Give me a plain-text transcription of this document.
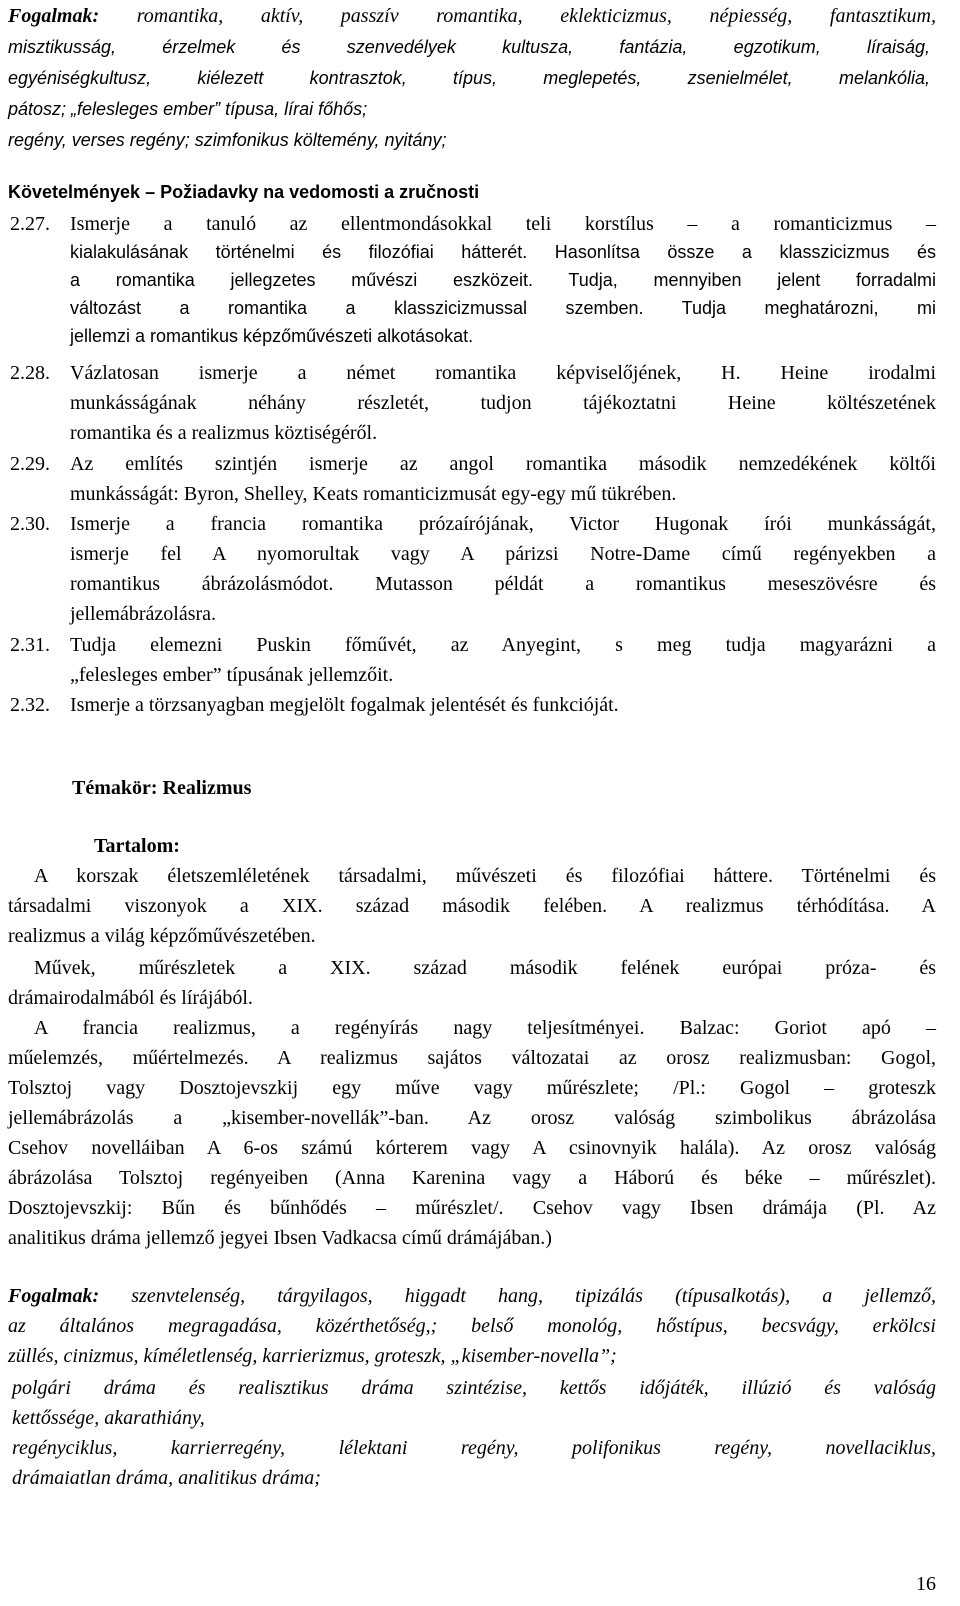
Fogalmak: romantika, aktív, passzív romantika, eklekticizmus, népiesség, fantasztikum,
misztikusság, érzelmek és szenvedélyek kultusza, fantázia, egzotikum, líraiság,
egyéniségkultusz, kiélezett kontrasztok, típus, meglepetés, zsenielmélet, melankólia,
pátosz; „felesleges ember” típusa, lírai főhős;
regény, verses regény; szimfonikus költemény, nyitány;
Követelmények – Požiadavky na vedomosti a zručnosti
2.27.	Ismerje a tanuló az ellentmondásokkal teli korstílus – a romanticizmus –
kialakulásának történelmi és filozófiai hátterét. Hasonlítsa össze a klasszicizmus és
a romantika jellegzetes művészi eszközeit. Tudja, mennyiben jelent forradalmi
változást a romantika a klasszicizmussal szemben. Tudja meghatározni, mi
jellemzi a romantikus képzőművészeti alkotásokat.
2.28.	Vázlatosan ismerje a német romantika képviselőjének, H. Heine irodalmi
munkásságának néhány részletét, tudjon tájékoztatni Heine költészetének
romantika és a realizmus köztiségéről.
2.29.	Az említés szintjén ismerje az angol romantika második nemzedékének költői
munkásságát: Byron, Shelley, Keats romanticizmusát egy-egy mű tükrében.
2.30.	Ismerje a francia romantika prózaírójának, Victor Hugonak írói munkásságát,
ismerje fel A nyomorultak vagy A párizsi Notre-Dame című regényekben a
romantikus ábrázolásmódot. Mutasson példát a romantikus meseszövésre és
jellemábrázolásra.
2.31.	Tudja elemezni Puskin főművét, az Anyegint, s meg tudja magyarázni a
„felesleges ember” típusának jellemzőit.
2.32.	Ismerje a törzsanyagban megjelölt fogalmak jelentését és funkcióját.
Témakör: Realizmus
Tartalom:
A korszak életszemléletének társadalmi, művészeti és filozófiai háttere. Történelmi és
társadalmi viszonyok a XIX. század második felében. A realizmus térhódítása. A
realizmus a világ képzőművészetében.
Művek, műrészletek a XIX. század második felének európai próza- és
drámairodalmából és lírájából.
A francia realizmus, a regényírás nagy teljesítményei. Balzac: Goriot apó –
műelemzés, műértelmezés. A realizmus sajátos változatai az orosz realizmusban: Gogol,
Tolsztoj vagy Dosztojevszkij egy műve vagy műrészlete; /Pl.: Gogol – groteszk
jellemábrázolás a „kisember-novellák”-ban. Az orosz valóság szimbolikus ábrázolása
Csehov novelláiban A 6-os számú kórterem vagy A csinovnyik halála). Az orosz valóság
ábrázolása Tolsztoj regényeiben (Anna Karenina vagy a Háború és béke – műrészlet).
Dosztojevszkij: Bűn és bűnhődés – műrészlet/. Csehov vagy Ibsen drámája (Pl. Az
analitikus dráma jellemző jegyei Ibsen Vadkacsa című drámájában.)
Fogalmak: szenvtelenség, tárgyilagos, higgadt hang, tipizálás (típusalkotás), a jellemző,
az általános megragadása, közérthetőség,; belső monológ, hőstípus, becsvágy, erkölcsi
züllés, cinizmus, kíméletlenség, karrierizmus, groteszk, „kisember-novella”;
polgári dráma és realisztikus dráma szintézise, kettős időjáték, illúzió és valóság
kettőssége, akarathiány,
regényciklus, karrierregény, lélektani regény, polifonikus regény, novellaciklus,
drámaiatlan dráma, analitikus dráma;
16
